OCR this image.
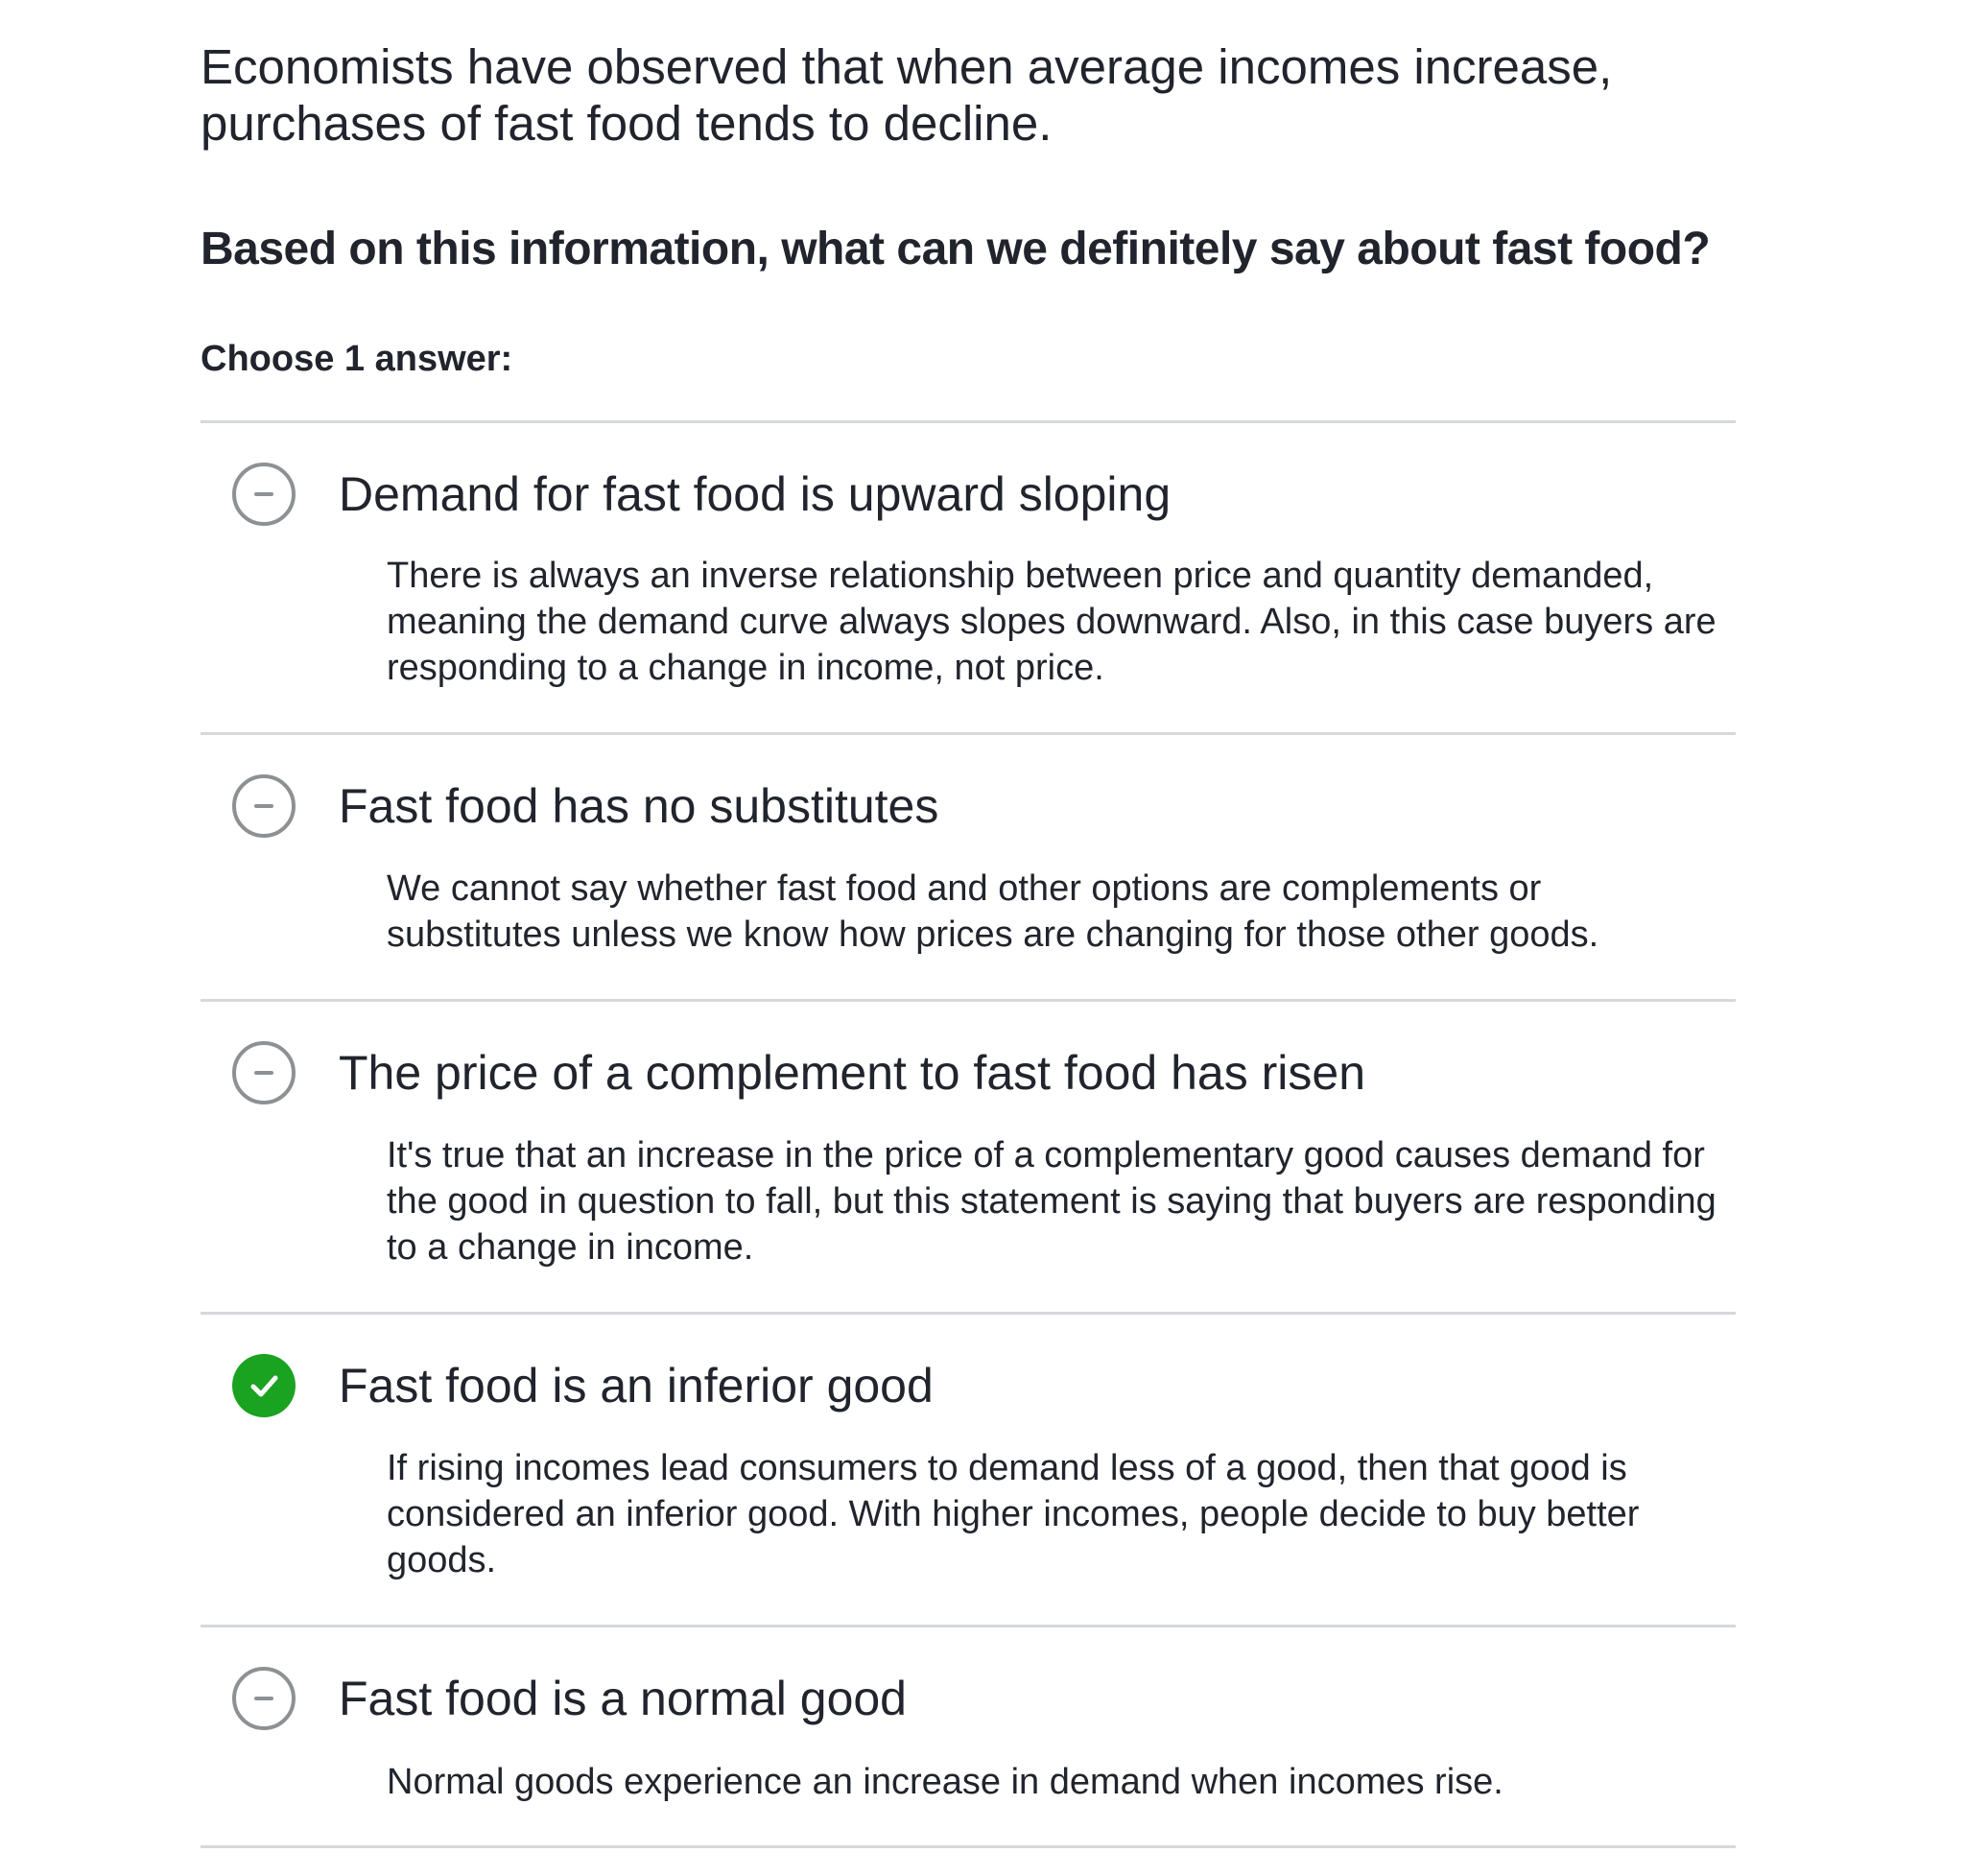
Economists have observed that when average incomes increase, purchases of fast food tends to decline.

Based on this information, what can we definitely say about fast food?

Choose 1 answer:

Demand for fast food is upward sloping
There is always an inverse relationship between price and quantity demanded, meaning the demand curve always slopes downward. Also, in this case buyers are responding to a change in income, not price.
Fast food has no substitutes
We cannot say whether fast food and other options are complements or substitutes unless we know how prices are changing for those other goods.
The price of a complement to fast food has risen
It's true that an increase in the price of a complementary good causes demand for the good in question to fall, but this statement is saying that buyers are responding to a change in income.
Fast food is an inferior good
If rising incomes lead consumers to demand less of a good, then that good is considered an inferior good. With higher incomes, people decide to buy better goods.
Fast food is a normal good
Normal goods experience an increase in demand when incomes rise.
